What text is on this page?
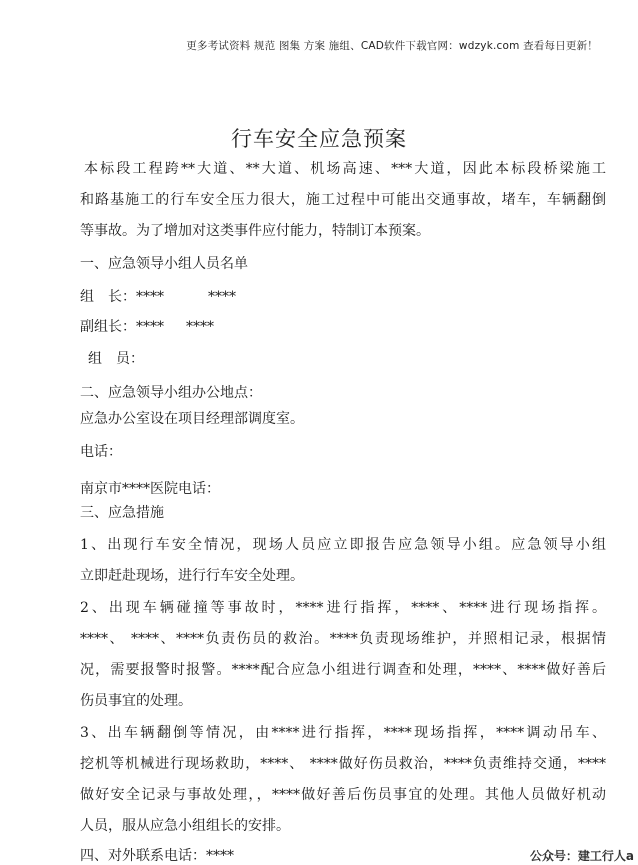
更多考试资料 规范 图集 方案 施组、CAD软件下载官网：wdzyk.com 查看每日更新！
行车安全应急预案
本标段工程跨**大道、**大道、机场高速、***大道，因此本标段桥梁施工
和路基施工的行车安全压力很大，施工过程中可能出交通事故，堵车，车辆翻倒
等事故。为了增加对这类事件应付能力，特制订本预案。
一、应急领导小组人员名单
组　长：****	****
副组长：**** ****
组　员：
二、应急领导小组办公地点：
应急办公室设在项目经理部调度室。
电话：
南京市****医院电话：
三、应急措施
1、出现行车安全情况，现场人员应立即报告应急领导小组。应急领导小组
立即赶赴现场，进行行车安全处理。
2、出现车辆碰撞等事故时，****进行指挥，****、****进行现场指挥。
****、 ****、****负责伤员的救治。****负责现场维护，并照相记录，根据情
况，需要报警时报警。****配合应急小组进行调查和处理，****、****做好善后
伤员事宜的处理。
3、出车辆翻倒等情况，由****进行指挥，****现场指挥，****调动吊车、
挖机等机械进行现场救助，****、 ****做好伤员救治，****负责维持交通，****
做好安全记录与事故处理，，****做好善后伤员事宜的处理。其他人员做好机动
人员，服从应急小组组长的安排。
四、对外联系电话：****	公众号：建工行人a
